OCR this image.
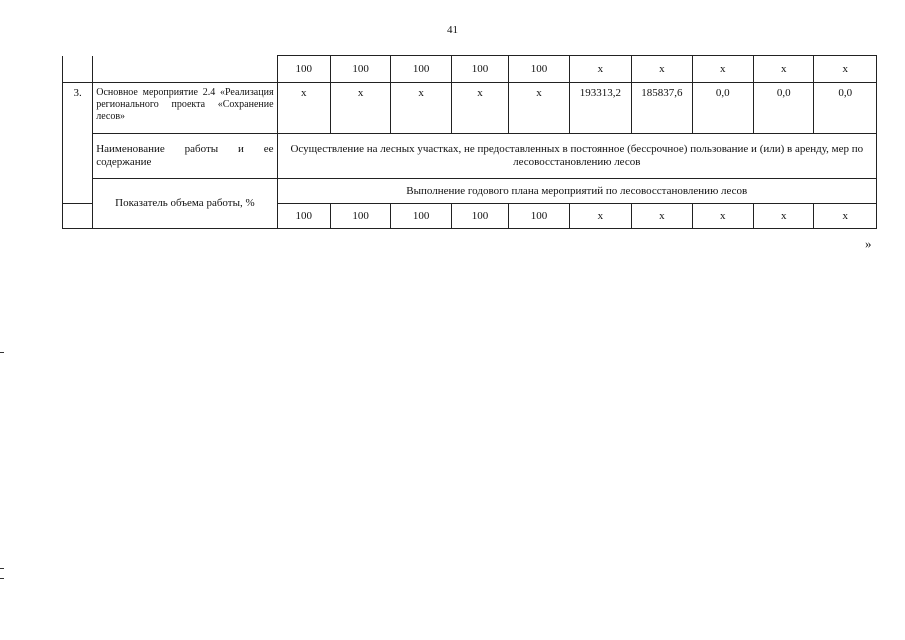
41
		100	100	100	100	100	x	x	x	x	x
3.	Основное мероприятие 2.4 «Реализация регионального проекта «Сохранение лесов»	x	x	x	x	x	193313,2	185837,6	0,0	0,0	0,0
	Наименование работы и ее содержание	Осуществление на лесных участках, не предоставленных в постоянное (бессрочное) пользование и (или) в аренду, мер по лесовосстановлению лесов									
	Показатель объема работы, %	Выполнение годового плана мероприятий по лесовосстановлению лесов									
		100	100	100	100	100	x	x	x	x	x
»
